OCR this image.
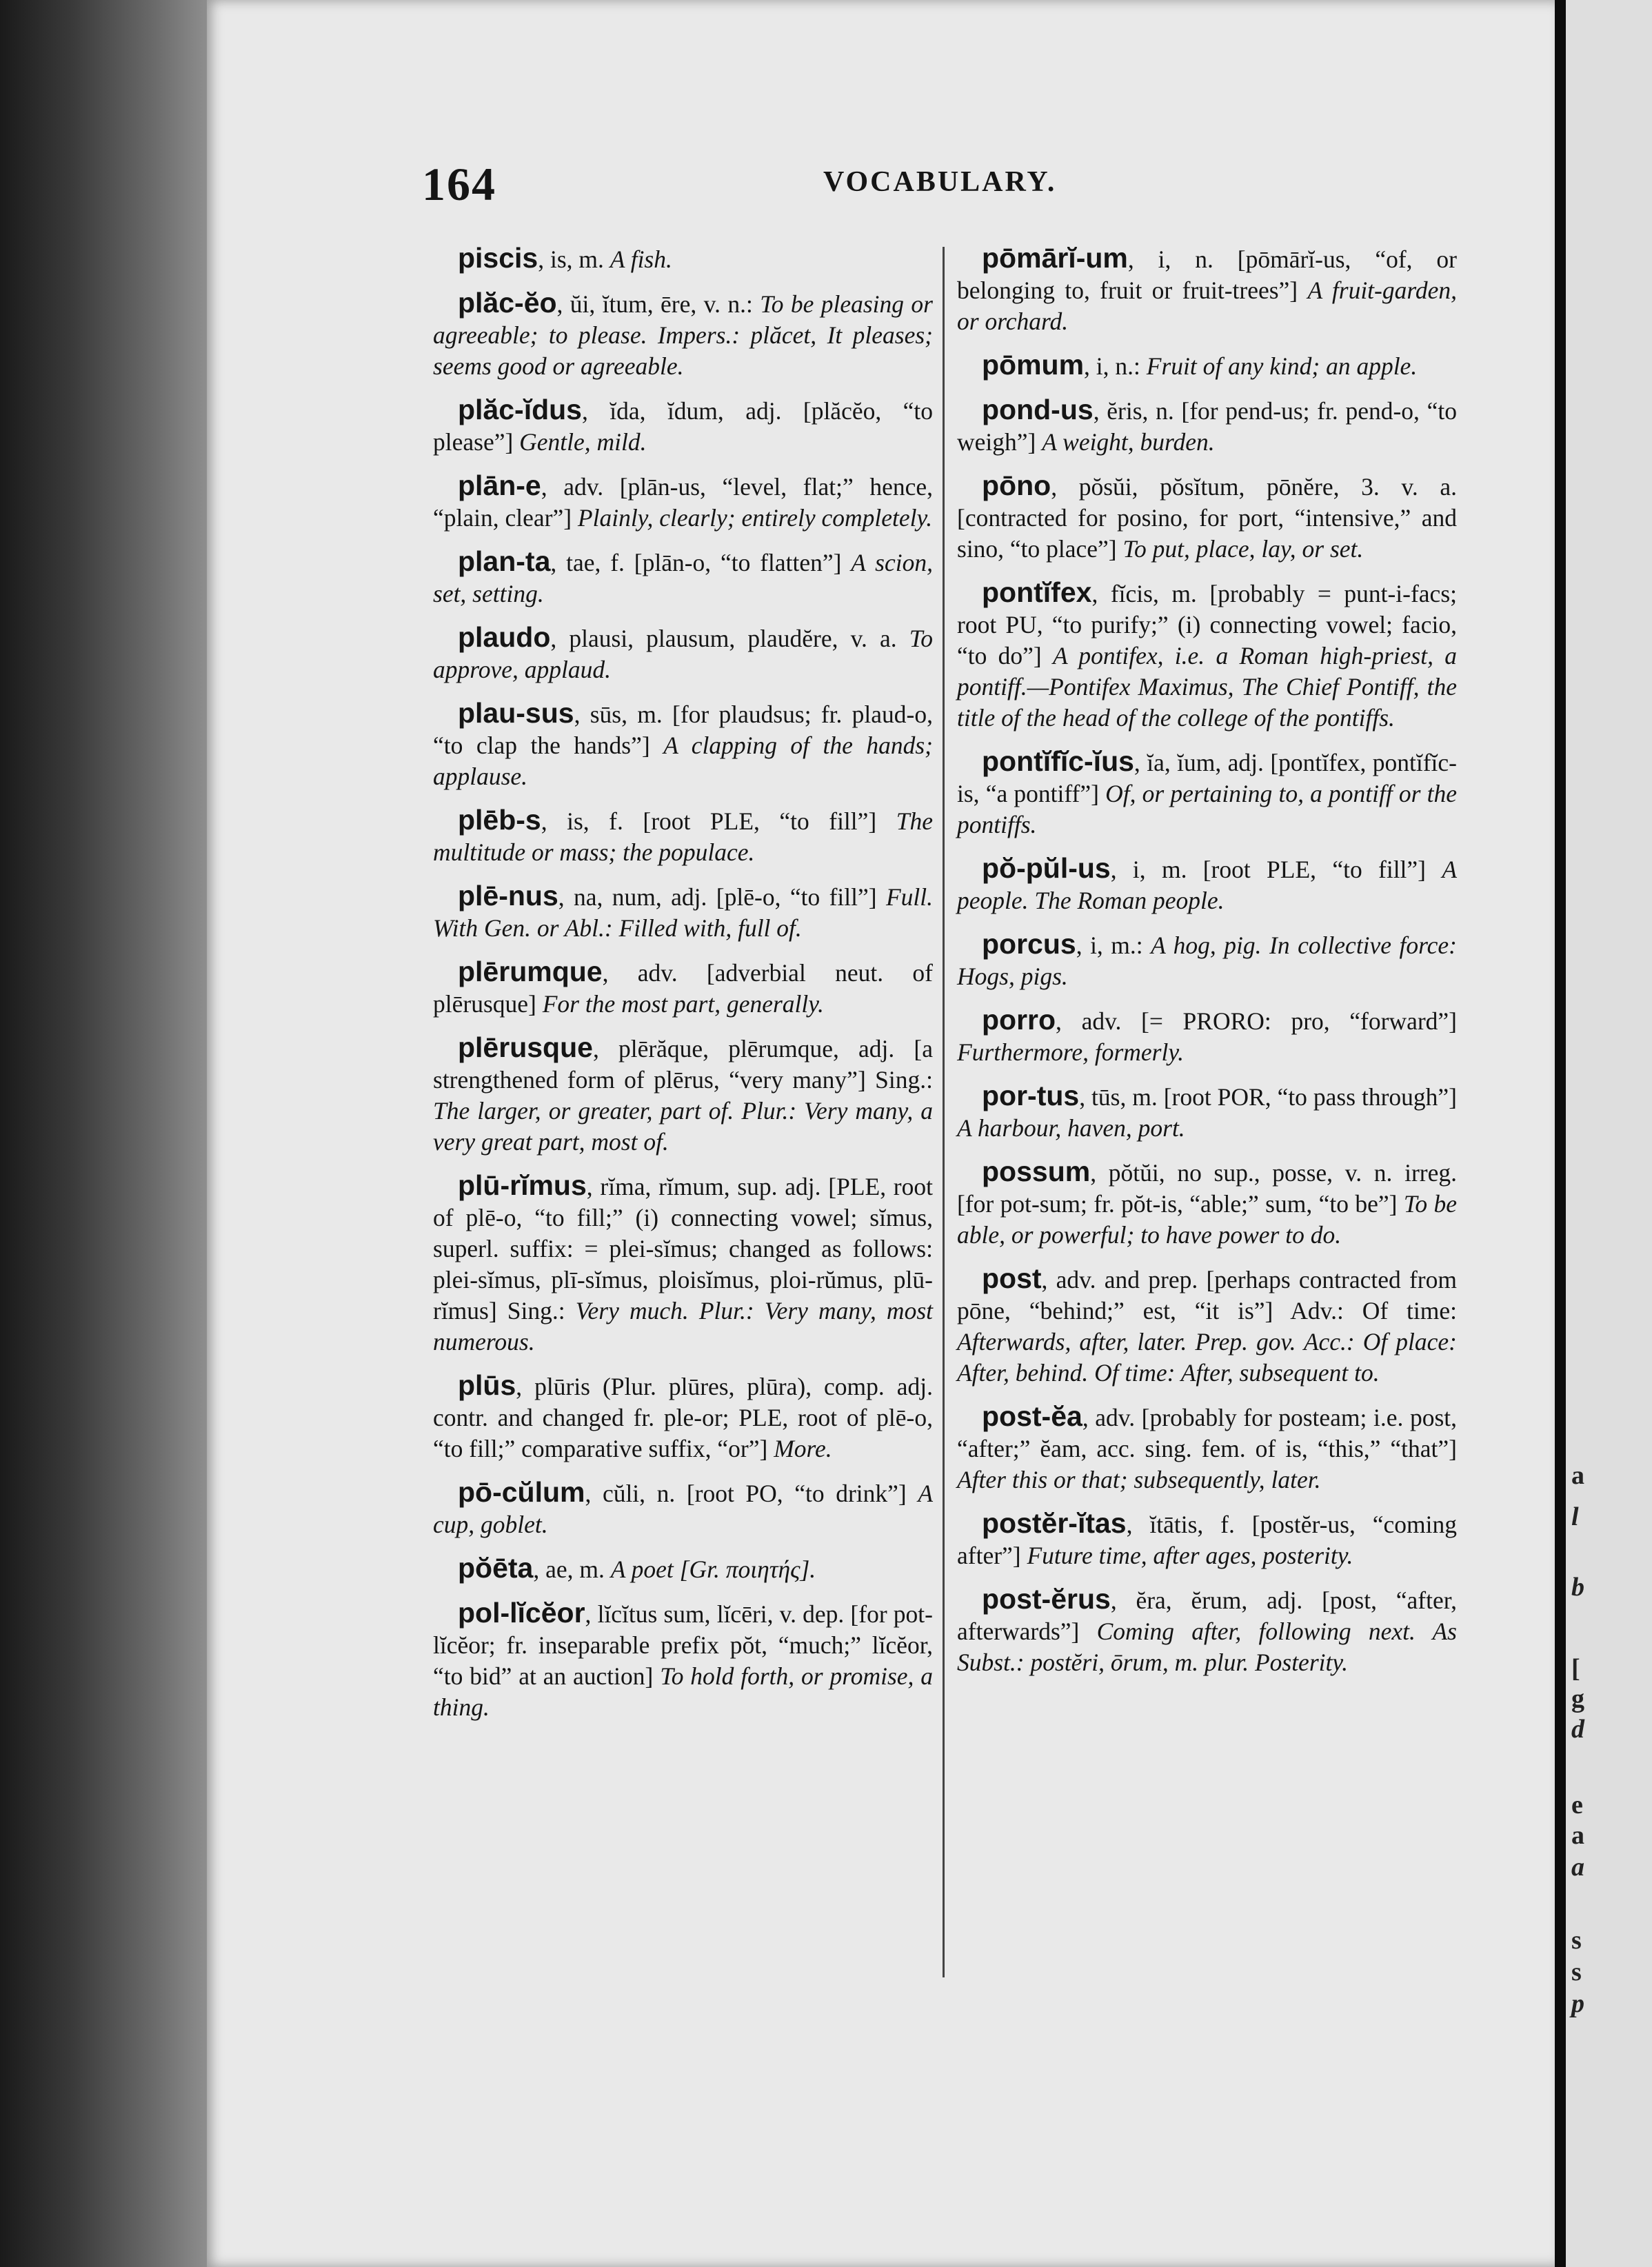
a
l
b
[
g
d
e
a
a
s
s
p
164	VOCABULARY.

piscis, is, m. A fish.

plăc-ĕo, ŭi, ĭtum, ēre, v. n.: To be pleasing or agreeable; to please. Impers.: plăcet, It pleases; seems good or agreeable.

plăc-ĭdus, ĭda, ĭdum, adj. [plăcĕo, “to please”] Gentle, mild.

plān-e, adv. [plān-us, “level, flat;” hence, “plain, clear”] Plainly, clearly; entirely completely.

plan-ta, tae, f. [plān-o, “to flatten”] A scion, set, setting.

plaudo, plausi, plausum, plaudĕre, v. a. To approve, applaud.

plau-sus, sūs, m. [for plaudsus; fr. plaud-o, “to clap the hands”] A clapping of the hands; applause.

plēb-s, is, f. [root PLE, “to fill”] The multitude or mass; the populace.

plē-nus, na, num, adj. [plē-o, “to fill”] Full. With Gen. or Abl.: Filled with, full of.

plērumque, adv. [adverbial neut. of plērusque] For the most part, generally.

plērusque, plērăque, plērumque, adj. [a strengthened form of plērus, “very many”] Sing.: The larger, or greater, part of. Plur.: Very many, a very great part, most of.

plū-rĭmus, rĭma, rĭmum, sup. adj. [PLE, root of plē-o, “to fill;” (i) connecting vowel; sĭmus, superl. suffix: = plei-sĭmus; changed as follows: plei-sĭmus, plī-sĭmus, ploisĭmus, ploi-rŭmus, plū-rĭmus] Sing.: Very much. Plur.: Very many, most numerous.

plūs, plūris (Plur. plūres, plūra), comp. adj. contr. and changed fr. ple-or; PLE, root of plē-o, “to fill;” comparative suffix, “or”] More.

pō-cŭlum, cŭli, n. [root PO, “to drink”] A cup, goblet.

pŏēta, ae, m. A poet [Gr. ποιητής].

pol-lĭcĕor, lĭcĭtus sum, lĭcēri, v. dep. [for pot-lĭcĕor; fr. inseparable prefix pŏt, “much;” lĭcĕor, “to bid” at an auction] To hold forth, or promise, a thing.

pōmārĭ-um, i, n. [pōmārĭ-us, “of, or belonging to, fruit or fruit-trees”] A fruit-garden, or orchard.

pōmum, i, n.: Fruit of any kind; an apple.

pond-us, ĕris, n. [for pend-us; fr. pend-o, “to weigh”] A weight, burden.

pōno, pŏsŭi, pŏsĭtum, pōnĕre, 3. v. a. [contracted for posino, for port, “intensive,” and sino, “to place”] To put, place, lay, or set.

pontĭfex, fĭcis, m. [probably = punt-i-facs; root PU, “to purify;” (i) connecting vowel; facio, “to do”] A pontifex, i.e. a Roman high-priest, a pontiff.—Pontifex Maximus, The Chief Pontiff, the title of the head of the college of the pontiffs.

pontĭfĭc-ĭus, ĭa, ĭum, adj. [pontĭfex, pontĭfĭc-is, “a pontiff”] Of, or pertaining to, a pontiff or the pontiffs.

pŏ-pŭl-us, i, m. [root PLE, “to fill”] A people. The Roman people.

porcus, i, m.: A hog, pig. In collective force: Hogs, pigs.

porro, adv. [= PRORO: pro, “forward”] Furthermore, formerly.

por-tus, tūs, m. [root POR, “to pass through”] A harbour, haven, port.

possum, pŏtŭi, no sup., posse, v. n. irreg. [for pot-sum; fr. pŏt-is, “able;” sum, “to be”] To be able, or powerful; to have power to do.

post, adv. and prep. [perhaps contracted from pōne, “behind;” est, “it is”] Adv.: Of time: Afterwards, after, later. Prep. gov. Acc.: Of place: After, behind. Of time: After, subsequent to.

post-ĕa, adv. [probably for posteam; i.e. post, “after;” ĕam, acc. sing. fem. of is, “this,” “that”] After this or that; subsequently, later.

postĕr-ĭtas, ĭtātis, f. [postĕr-us, “coming after”] Future time, after ages, posterity.

post-ĕrus, ĕra, ĕrum, adj. [post, “after, afterwards”] Coming after, following next. As Subst.: postĕri, ōrum, m. plur. Posterity.
